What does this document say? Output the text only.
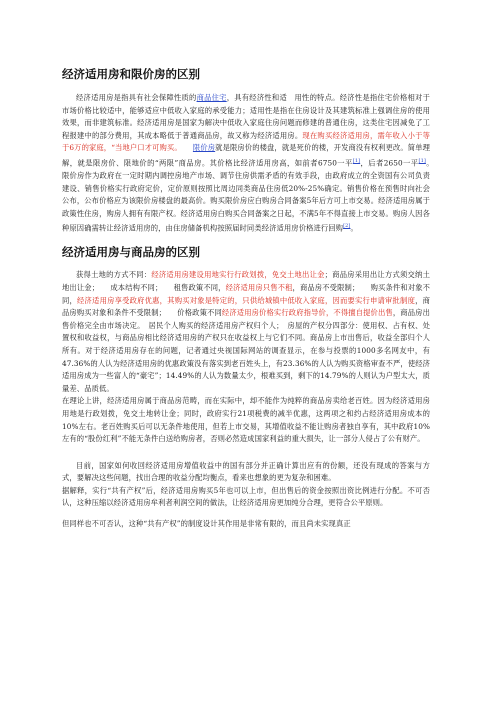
经济适用房和限价房的区别

经济适用房是指具有社会保障性质的商品住宅，具有经济性和适　用性的特点。经济性是指住宅价格相对于市场价格比较适中，能够适应中低收入家庭的承受能力；适用性是指在住房设计及其建筑标准上强调住房的使用效果，而非建筑标准。经济适用房是国家为解决中低收入家庭住房问题而修建的普通住房，这类住宅因减免了工程报建中的部分费用，其成本略低于普通商品房，故又称为经济适用房。现在购买经济适用房，需年收入小于等于6万的家庭，“当地户口才可购买。　　 限价房就是限房价的楼盘，就是死价的楼，开发商没有权利更改。简单理解，就是限房价、限地价的“两限”商品房。其价格比经济适用房高，如前者6750一平[1]，后者2650一平[1]。　　限价房作为政府在一定时期内调控房地产市场、调节住房供需矛盾的有效手段，由政府成立的全资国有公司负责建设、销售价格实行政府定价，定价原则按照比周边同类商品住房低20%-25%确定。销售价格在预售时向社会公布，公布价格应为该限价房楼盘的最高价。购买限价房应白购房合同备案5年后方可上市交易。经济适用房属于政策性住房，购房人拥有有限产权。经济适用房白购买合同备案之日起，不满5年不得直接上市交易。购房人因各种原因确需转让经济适用房的，由住房储备机构按照届时同类经济适用房价格进行回购[2]。

经济适用房与商品房的区别

获得土地的方式不同：经济适用房建设用地实行行政划拨，免交土地出让金；商品房采用出让方式须交纳土地出让金；　　成本结构不同；　　租售政策不同，经济适用房只售不租，商品房不受限制；　　购买条件和对象不同，经济适用房享受政府优惠，其购买对象是特定的，只供给城镇中低收入家庭，因而要实行申请审批制度，商品房购买对象和条件不受限制；　　价格政策不同经济适用房价格实行政府指导价，不得擅自提价出售，商品房出售价格完全由市场决定。　居民个人购买的经济适用房产权归个人；　房屋的产权分四部分：使用权、占有权、处置权和收益权，与商品房相比经济适用房的产权只在收益权上与它们不同。商品房上市出售后，收益全部归个人所有。对于经济适用房存在的问题，记者通过央视国际网站的调查显示，在参与投票的1000多名网友中，有47.36%的人认为经济适用房的优惠政策没有落实到老百姓头上，有23.36%的人认为购买资格审查不严，使经济适用房成为一些富人的“豪宅”；14.49%的人认为数量太少，根难买到，剩下的14.79%的人则认为户型太大，质量差、品质低。

在理论上讲，经济适用房属于商品房范畴，而在实际中，却不能作为纯粹的商品房卖给老百姓。因为经济适用房用地是行政划拨，免交土地转让金；同时，政府实行21项税费的减半优惠，这两项之和约占经济适用房成本的10%左右。老百姓购买后可以无条件地使用，但若上市交易，其增值收益不能让购房者独自享有，其中政府10%左有的“股份红利”不能无条件白送给购房者，否则必然造成国家利益的重大损失，让一部分人侵占了公有财产。

目前，国家如何收回经济适用房增值收益中的国有部分并正确计算出应有的份额，还没有现成的答案与方式，要解决这些问题，找出合理的收益分配均衡点，看来也想象的更为复杂和困难。

据解释，实行“共有产权”后，经济适用房购买5年也可以上市，但出售后的资金按照出资比例进行分配。不可否认，这种压缩以经济适用房牟利者利润空间的做法，让经济适用房更加纯分合理，更符合公平原则。

但同样也不可否认，这种“共有产权”的制度设计其作用是非常有限的，而且尚未实现真正
